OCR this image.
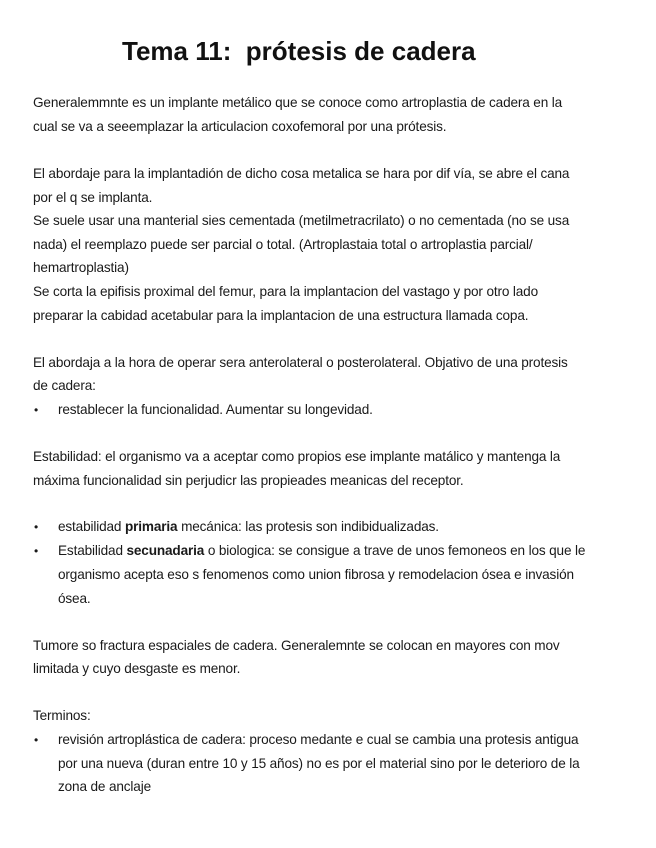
Tema 11:  prótesis de cadera
Generalemmnte es un implante metálico que se conoce como artroplastia de cadera en la
cual se va a seeemplazar la articulacion coxofemoral por una prótesis.
El abordaje para la implantadión de dicho cosa metalica se hara por dif vía, se abre el cana
por el q se implanta.
Se suele usar una manterial sies cementada (metilmetracrilato) o no cementada (no se usa
nada) el reemplazo puede ser parcial o total. (Artroplastaia total o artroplastia parcial/
hemartroplastia)
Se corta la epifisis proximal del femur, para la implantacion del vastago y por otro lado
preparar la cabidad acetabular para la implantacion de una estructura llamada copa.
El abordaja a la hora de operar sera anterolateral o posterolateral. Objativo de una protesis
de cadera:
• restablecer la funcionalidad. Aumentar su longevidad.
Estabilidad: el organismo va a aceptar como propios ese implante matálico y mantenga la
máxima funcionalidad sin perjudicr las propieades meanicas del receptor.
• estabilidad primaria mecánica: las protesis son indibidualizadas.
• Estabilidad secunadaria o biologica: se consigue a trave de unos femoneos en los que le
organismo acepta eso s fenomenos como union fibrosa y remodelacion ósea e invasión
ósea.
Tumore so fractura espaciales de cadera. Generalemnte se colocan en mayores con mov
limitada y cuyo desgaste es menor.
Terminos:
• revisión artroplástica de cadera: proceso medante e cual se cambia una protesis antigua
por una nueva (duran entre 10 y 15 años) no es por el material sino por le deterioro de la
zona de anclaje
